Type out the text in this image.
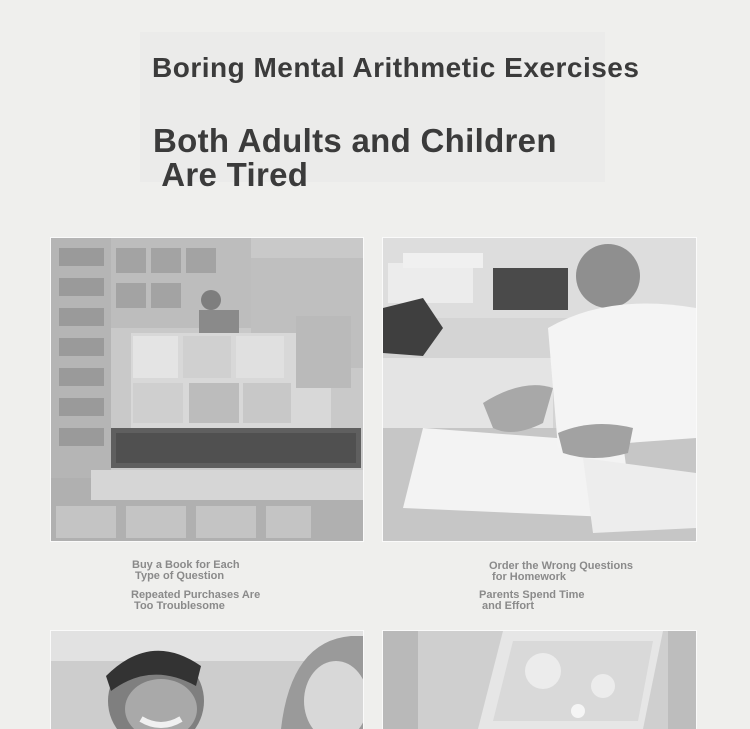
Boring Mental Arithmetic Exercises
Both Adults and Children
Are Tired
Buy a Book for Each
Type of Question
Repeated Purchases Are
Too Troublesome
Order the Wrong Questions
for Homework
Parents Spend Time
and Effort
